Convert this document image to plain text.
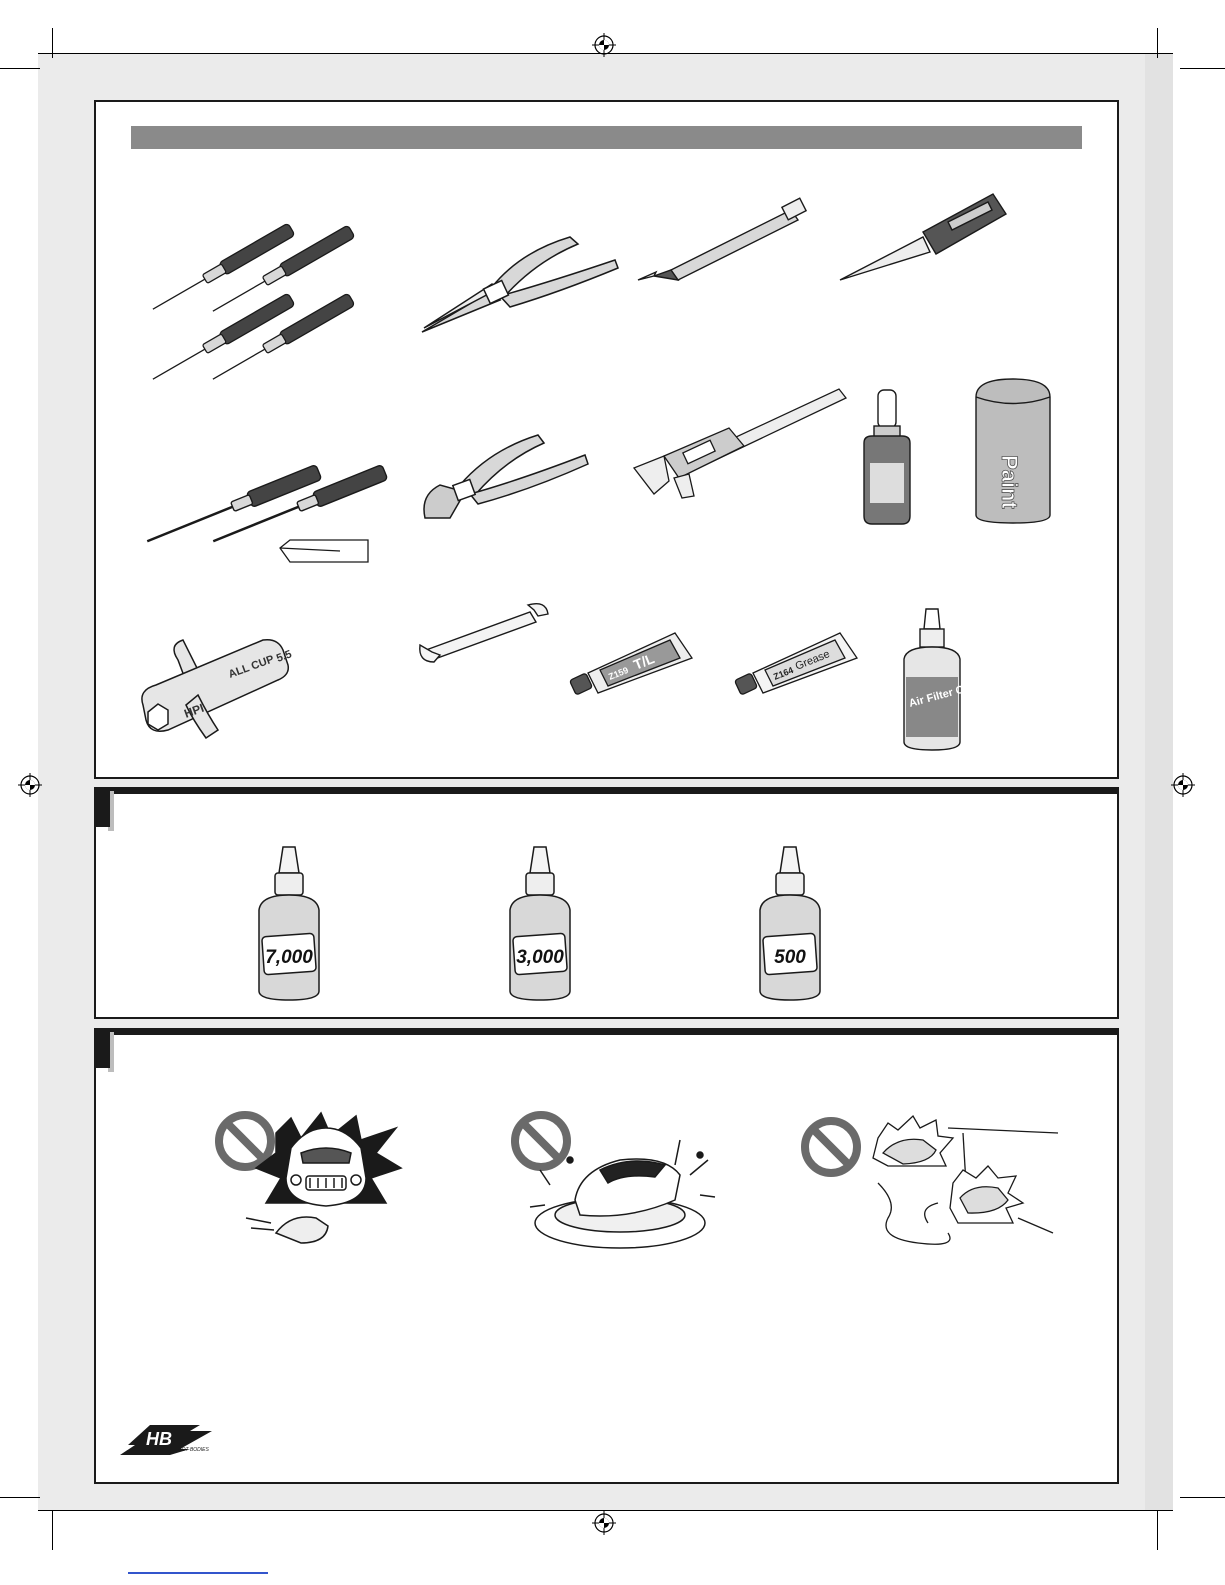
Paint
ALL CUP 5.5
HPI
Z159
T/L
Z164
Grease
Air Filter Oil
7,000	3,000	500
HB
HOT BODIES
